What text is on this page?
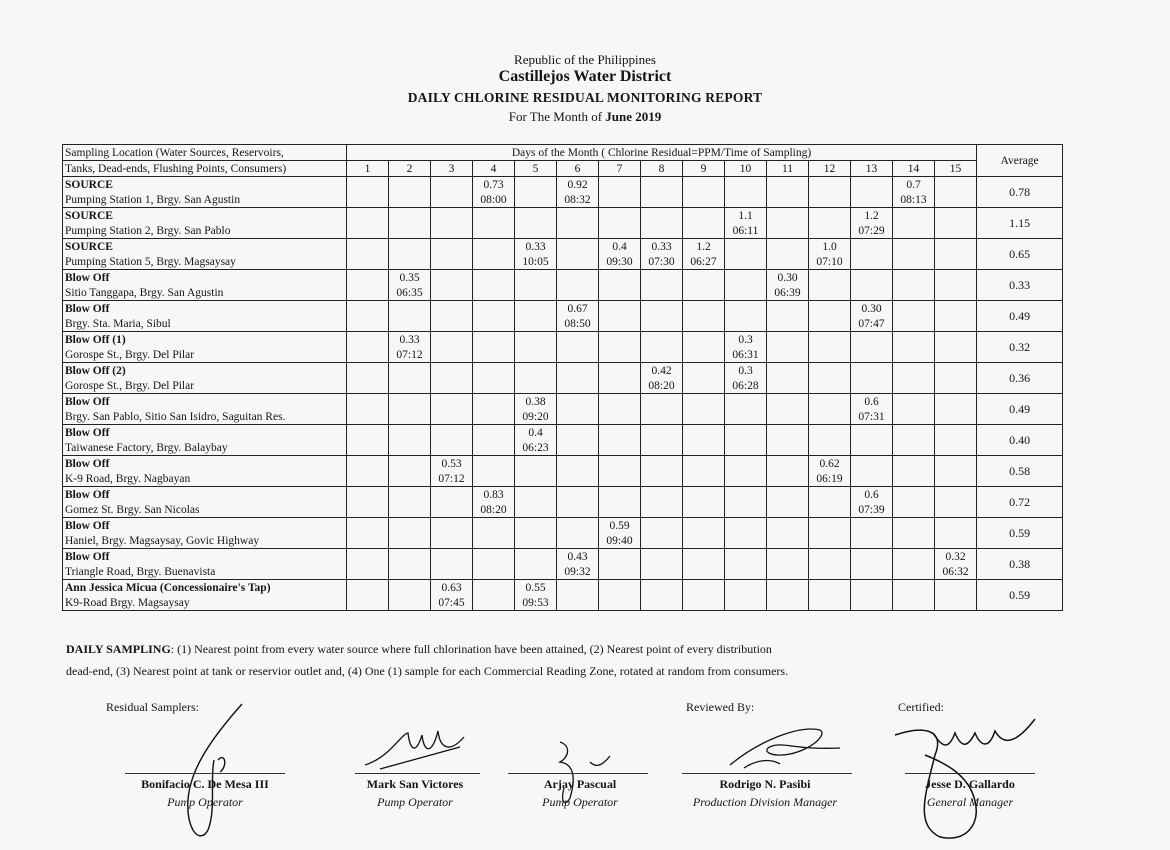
Republic of the Philippines
Castillejos Water District
DAILY CHLORINE RESIDUAL MONITORING REPORT
For The Month of June 2019
Sampling Location (Water Sources, Reservoirs,	Days of the Month ( Chlorine Residual=PPM/Time of Sampling)															Average
Tanks, Dead-ends, Flushing Points, Consumers)	1	2	3	4	5	6	7	8	9	10	11	12	13	14	15	
SOURCE				0.73		0.92								0.7		0.78
Pumping Station 1, Brgy. San Agustin				08:00		08:32								08:13		
SOURCE										1.1			1.2			1.15
Pumping Station 2, Brgy. San Pablo										06:11			07:29			
SOURCE					0.33		0.4	0.33	1.2			1.0				0.65
Pumping Station 5, Brgy. Magsaysay					10:05		09:30	07:30	06:27			07:10				
Blow Off		0.35									0.30					0.33
Sitio Tanggapa, Brgy. San Agustin		06:35									06:39					
Blow Off						0.67							0.30			0.49
Brgy. Sta. Maria, Sibul						08:50							07:47			
Blow Off (1)		0.33								0.3						0.32
Gorospe St., Brgy. Del Pilar		07:12								06:31						
Blow Off (2)								0.42		0.3						0.36
Gorospe St., Brgy. Del Pilar								08:20		06:28						
Blow Off					0.38								0.6			0.49
Brgy. San Pablo, Sitio San Isidro, Saguitan Res.					09:20								07:31			
Blow Off					0.4											0.40
Taiwanese Factory, Brgy. Balaybay					06:23											
Blow Off			0.53									0.62				0.58
K-9 Road, Brgy. Nagbayan			07:12									06:19				
Blow Off				0.83									0.6			0.72
Gomez St. Brgy. San Nicolas				08:20									07:39			
Blow Off							0.59									0.59
Haniel, Brgy. Magsaysay, Govic Highway							09:40									
Blow Off						0.43									0.32	0.38
Triangle Road, Brgy. Buenavista						09:32									06:32	
Ann Jessica Micua (Concessionaire's Tap)			0.63		0.55											0.59
K9-Road Brgy. Magsaysay			07:45		09:53											
DAILY SAMPLING: (1) Nearest point from every water source where full chlorination have been attained, (2) Nearest point of every distribution
dead-end, (3) Nearest point at tank or reservior outlet and, (4) One (1) sample for each Commercial Reading Zone, rotated at random from consumers.
Residual Samplers:	Reviewed By:	Certified:
Bonifacio C. De Mesa III
Pump Operator
Mark San Victores
Pump Operator
Arjay Pascual
Pump Operator
Rodrigo N. Pasibi
Production Division Manager
Jesse D. Gallardo
General Manager
